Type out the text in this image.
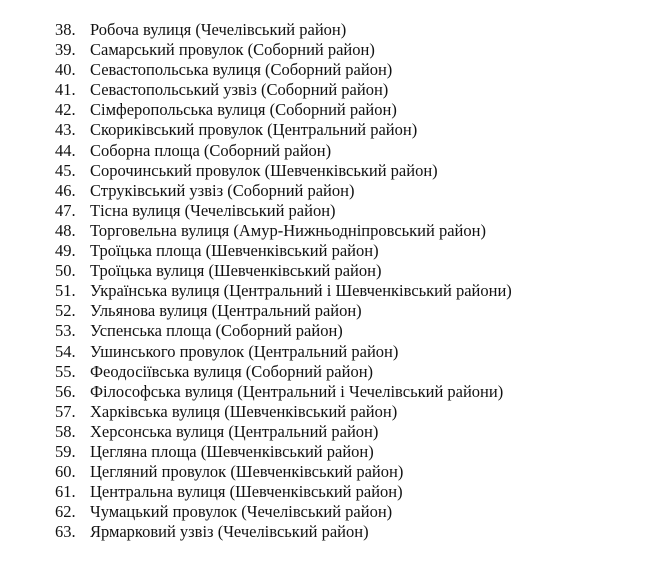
38. Робоча вулиця (Чечелівський район)
39. Самарський провулок (Соборний район)
40. Севастопольська вулиця (Соборний район)
41. Севастопольський узвіз (Соборний район)
42. Сімферопольська вулиця (Соборний район)
43. Скориківський провулок (Центральний район)
44. Соборна площа (Соборний район)
45. Сорочинський провулок (Шевченківський район)
46. Струківський узвіз (Соборний район)
47. Тісна вулиця (Чечелівський район)
48. Торговельна вулиця (Амур-Нижньодніпровський район)
49. Троїцька площа (Шевченківський район)
50. Троїцька вулиця (Шевченківський район)
51. Українська вулиця (Центральний і Шевченківський райони)
52. Ульянова вулиця (Центральний район)
53. Успенська площа (Соборний район)
54. Ушинського провулок (Центральний район)
55. Феодосіївська вулиця (Соборний район)
56. Філософська вулиця (Центральний і Чечелівський райони)
57. Харківська вулиця (Шевченківський район)
58. Херсонська вулиця (Центральний район)
59. Цегляна площа (Шевченківський район)
60. Цегляний провулок (Шевченківський район)
61. Центральна вулиця (Шевченківський район)
62. Чумацький провулок (Чечелівський район)
63. Ярмарковий узвіз (Чечелівський район)
